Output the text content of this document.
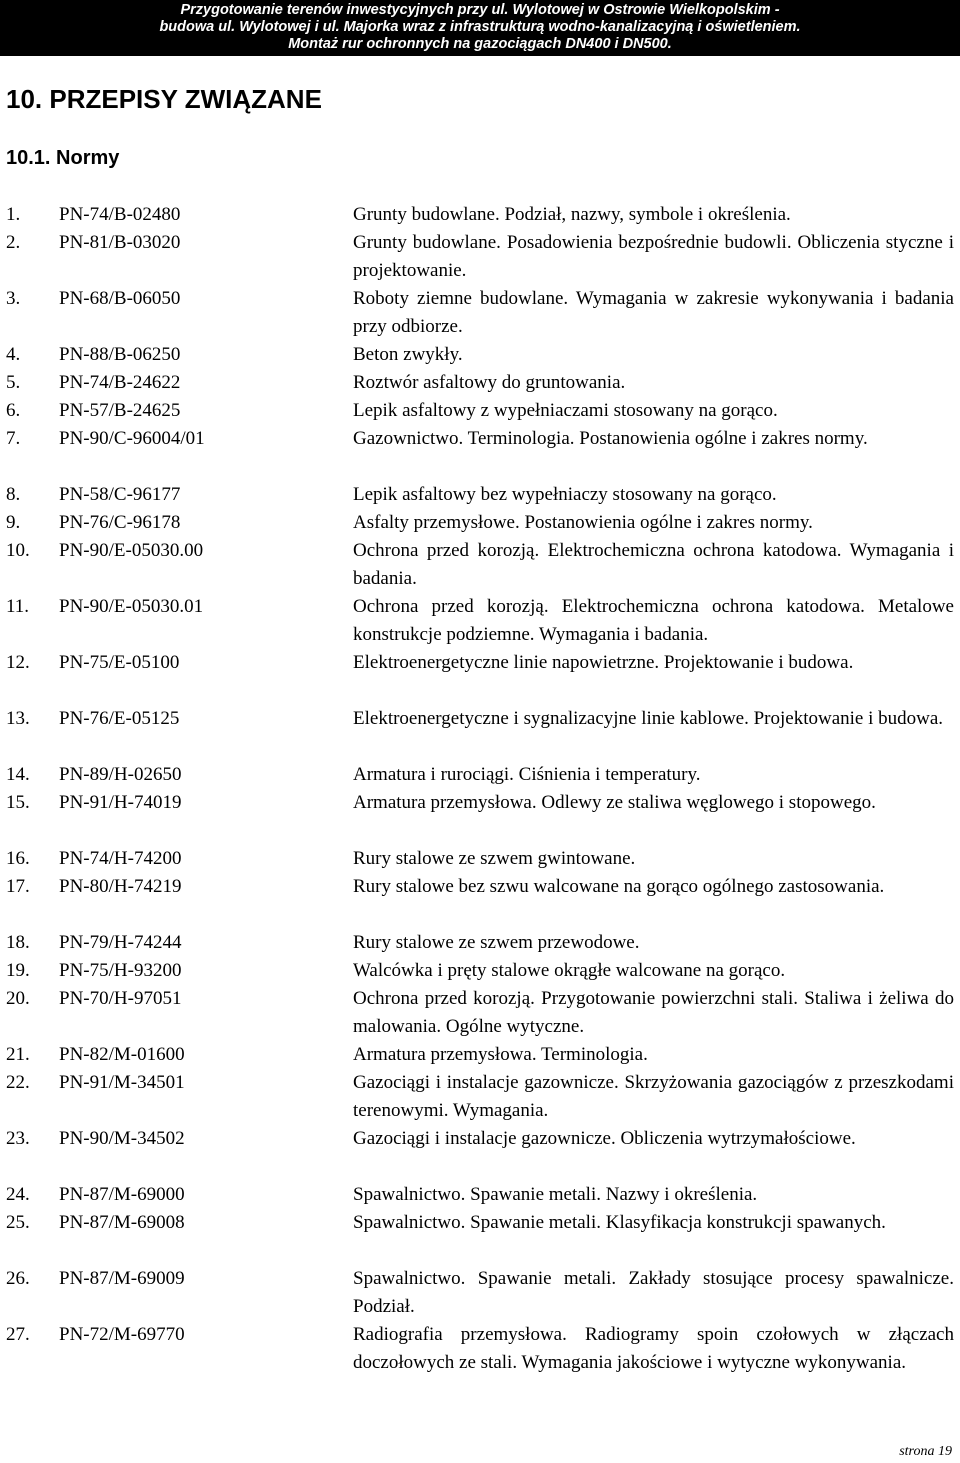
Przygotowanie terenów inwestycyjnych przy ul. Wylotowej w Ostrowie Wielkopolskim -
budowa ul. Wylotowej i ul. Majorka wraz z infrastrukturą wodno-kanalizacyjną i oświetleniem.
Montaż rur ochronnych na gazociągach DN400 i DN500.
10. PRZEPISY ZWIĄZANE
10.1. Normy
1. PN-74/B-02480	Grunty budowlane. Podział, nazwy, symbole i określenia.
2. PN-81/B-03020	Grunty budowlane. Posadowienia bezpośrednie budowli. Obliczenia styczne i projektowanie.
3. PN-68/B-06050	Roboty ziemne budowlane. Wymagania w zakresie wykonywania i badania przy odbiorze.
4. PN-88/B-06250	Beton zwykły.
5. PN-74/B-24622	Roztwór asfaltowy do gruntowania.
6. PN-57/B-24625	Lepik asfaltowy z wypełniaczami stosowany na gorąco.
7. PN-90/C-96004/01	Gazownictwo. Terminologia. Postanowienia ogólne i zakres normy.
8. PN-58/C-96177	Lepik asfaltowy bez wypełniaczy stosowany na gorąco.
9. PN-76/C-96178	Asfalty przemysłowe. Postanowienia ogólne i zakres normy.
10. PN-90/E-05030.00	Ochrona przed korozją. Elektrochemiczna ochrona katodowa. Wymagania i badania.
11. PN-90/E-05030.01	Ochrona przed korozją. Elektrochemiczna ochrona katodowa. Metalowe konstrukcje podziemne. Wymagania i badania.
12. PN-75/E-05100	Elektroenergetyczne linie napowietrzne. Projektowanie i budowa.
13. PN-76/E-05125	Elektroenergetyczne i sygnalizacyjne linie kablowe. Projektowanie i budowa.
14. PN-89/H-02650	Armatura i rurociągi. Ciśnienia i temperatury.
15. PN-91/H-74019	Armatura przemysłowa. Odlewy ze staliwa węglowego i stopowego.
16. PN-74/H-74200	Rury stalowe ze szwem gwintowane.
17. PN-80/H-74219	Rury stalowe bez szwu walcowane na gorąco ogólnego zastosowania.
18. PN-79/H-74244	Rury stalowe ze szwem przewodowe.
19. PN-75/H-93200	Walcówka i pręty stalowe okrągłe walcowane na gorąco.
20. PN-70/H-97051	Ochrona przed korozją. Przygotowanie powierzchni stali. Staliwa i żeliwa do malowania. Ogólne wytyczne.
21. PN-82/M-01600	Armatura przemysłowa. Terminologia.
22. PN-91/M-34501	Gazociągi i instalacje gazownicze. Skrzyżowania gazociągów z przeszkodami terenowymi. Wymagania.
23. PN-90/M-34502	Gazociągi i instalacje gazownicze. Obliczenia wytrzymałościowe.
24. PN-87/M-69000	Spawalnictwo. Spawanie metali. Nazwy i określenia.
25. PN-87/M-69008	Spawalnictwo. Spawanie metali. Klasyfikacja konstrukcji spawanych.
26. PN-87/M-69009	Spawalnictwo. Spawanie metali. Zakłady stosujące procesy spawalnicze. Podział.
27. PN-72/M-69770	Radiografia przemysłowa. Radiogramy spoin czołowych w złączach doczołowych ze stali. Wymagania jakościowe i wytyczne wykonywania.
strona 19
